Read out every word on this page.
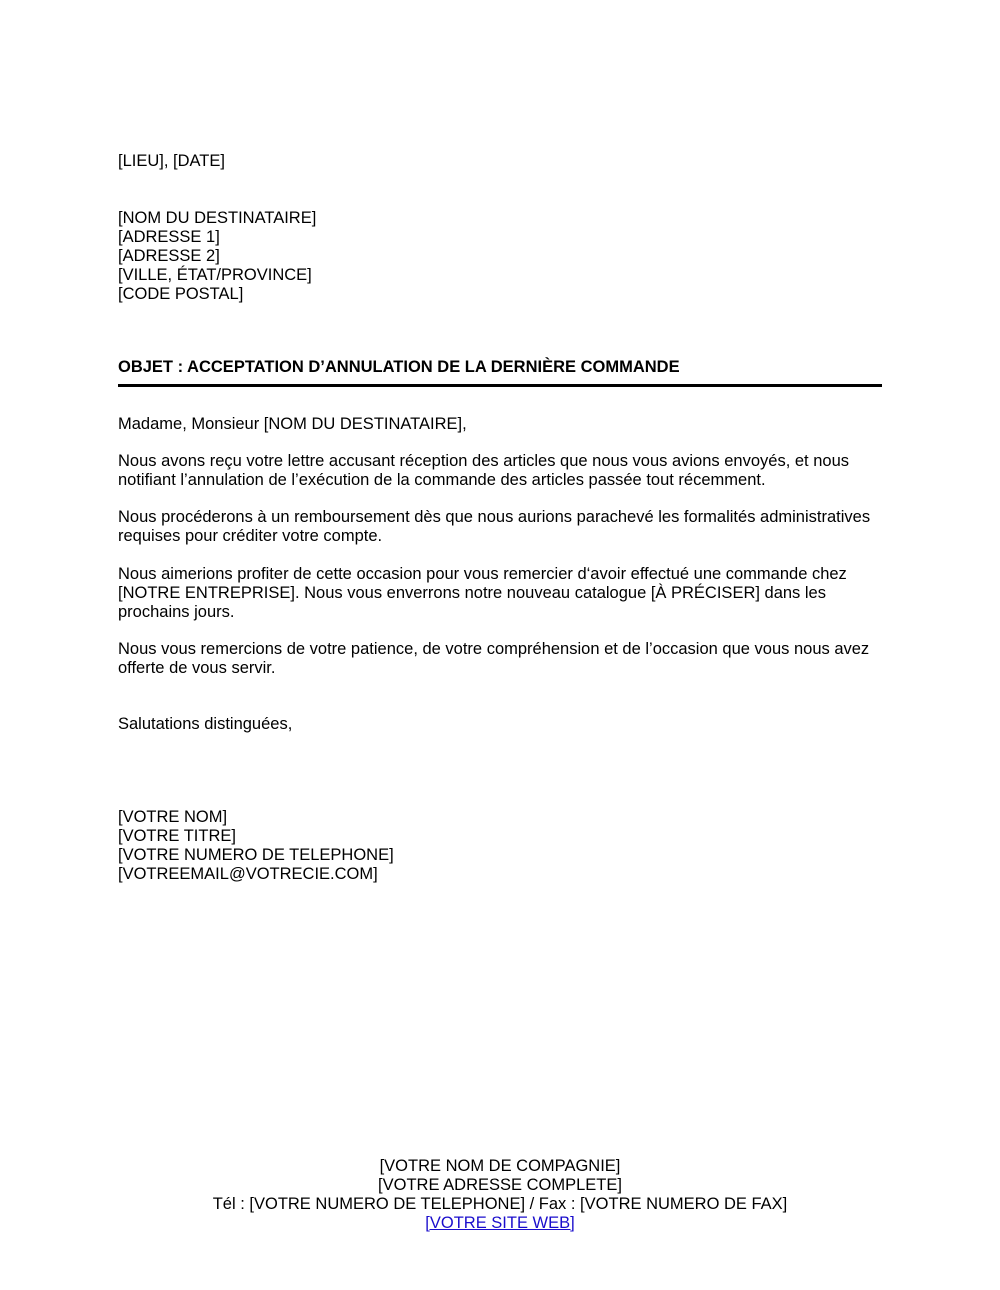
[LIEU], [DATE]
[NOM DU DESTINATAIRE]
[ADRESSE 1]
[ADRESSE 2]
[VILLE, ÉTAT/PROVINCE]
[CODE POSTAL]
OBJET : ACCEPTATION D’ANNULATION DE LA DERNIÈRE COMMANDE
Madame, Monsieur [NOM DU DESTINATAIRE],
Nous avons reçu votre lettre accusant réception des articles que nous vous avions envoyés, et nous
notifiant l’annulation de l’exécution de la commande des articles passée tout récemment.
Nous procéderons à un remboursement dès que nous aurions parachevé les formalités administratives
requises pour créditer votre compte.
Nous aimerions profiter de cette occasion pour vous remercier d‘avoir effectué une commande chez
[NOTRE ENTREPRISE]. Nous vous enverrons notre nouveau catalogue [À PRÉCISER] dans les
prochains jours.
Nous vous remercions de votre patience, de votre compréhension et de l’occasion que vous nous avez
offerte de vous servir.
Salutations distinguées,
[VOTRE NOM]
[VOTRE TITRE]
[VOTRE NUMERO DE TELEPHONE]
[VOTREEMAIL@VOTRECIE.COM]
[VOTRE NOM DE COMPAGNIE]
[VOTRE ADRESSE COMPLETE]
Tél : [VOTRE NUMERO DE TELEPHONE] / Fax : [VOTRE NUMERO DE FAX]
[VOTRE SITE WEB]
